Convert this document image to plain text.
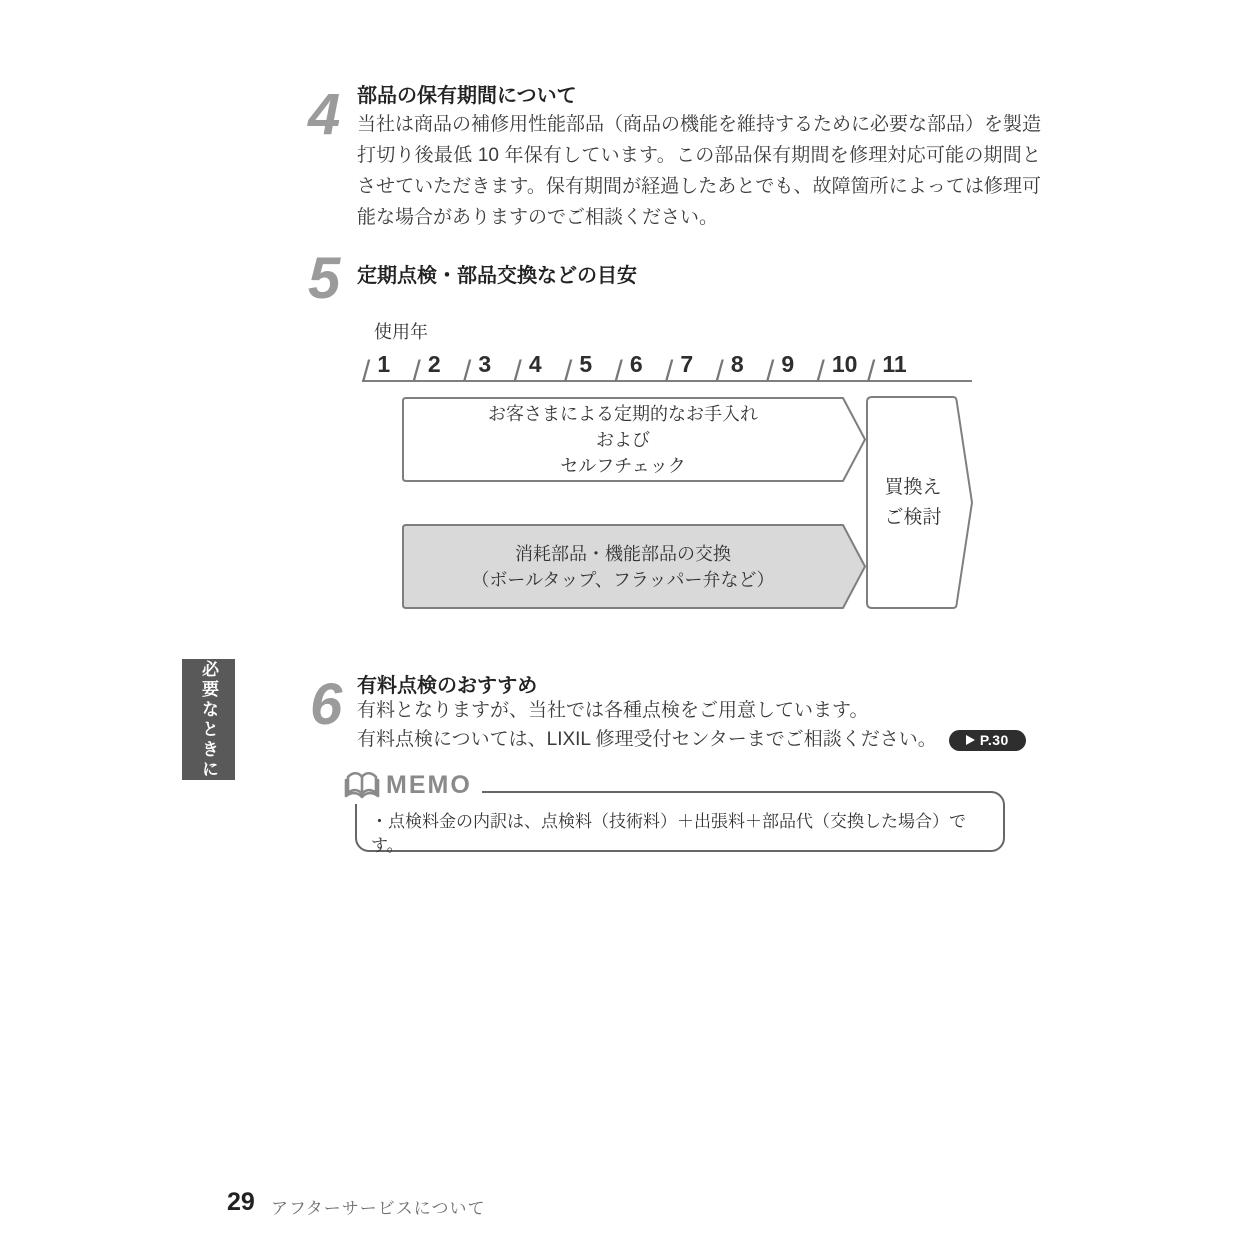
4 部品の保有期間について
当社は商品の補修用性能部品（商品の機能を維持するために必要な部品）を製造打切り後最低 10 年保有しています。この部品保有期間を修理対応可能の期間とさせていただきます。保有期間が経過したあとでも、故障箇所によっては修理可能な場合がありますのでご相談ください。
5 定期点検・部品交換などの目安
使用年
/ 1 / 2 / 3 / 4 / 5 / 6 / 7 / 8 / 9 / 10 / 11
お客さまによる定期的なお手入れ
および
セルフチェック
消耗部品・機能部品の交換
（ボールタップ、フラッパー弁など）
買換え
ご検討
必要なときに 6 有料点検のおすすめ
有料となりますが、当社では各種点検をご用意しています。
有料点検については、LIXIL 修理受付センターまでご相談ください。	P.30
・点検料金の内訳は、点検料（技術料）＋出張料＋部品代（交換した場合）です。
MEMO
29 アフターサービスについて
